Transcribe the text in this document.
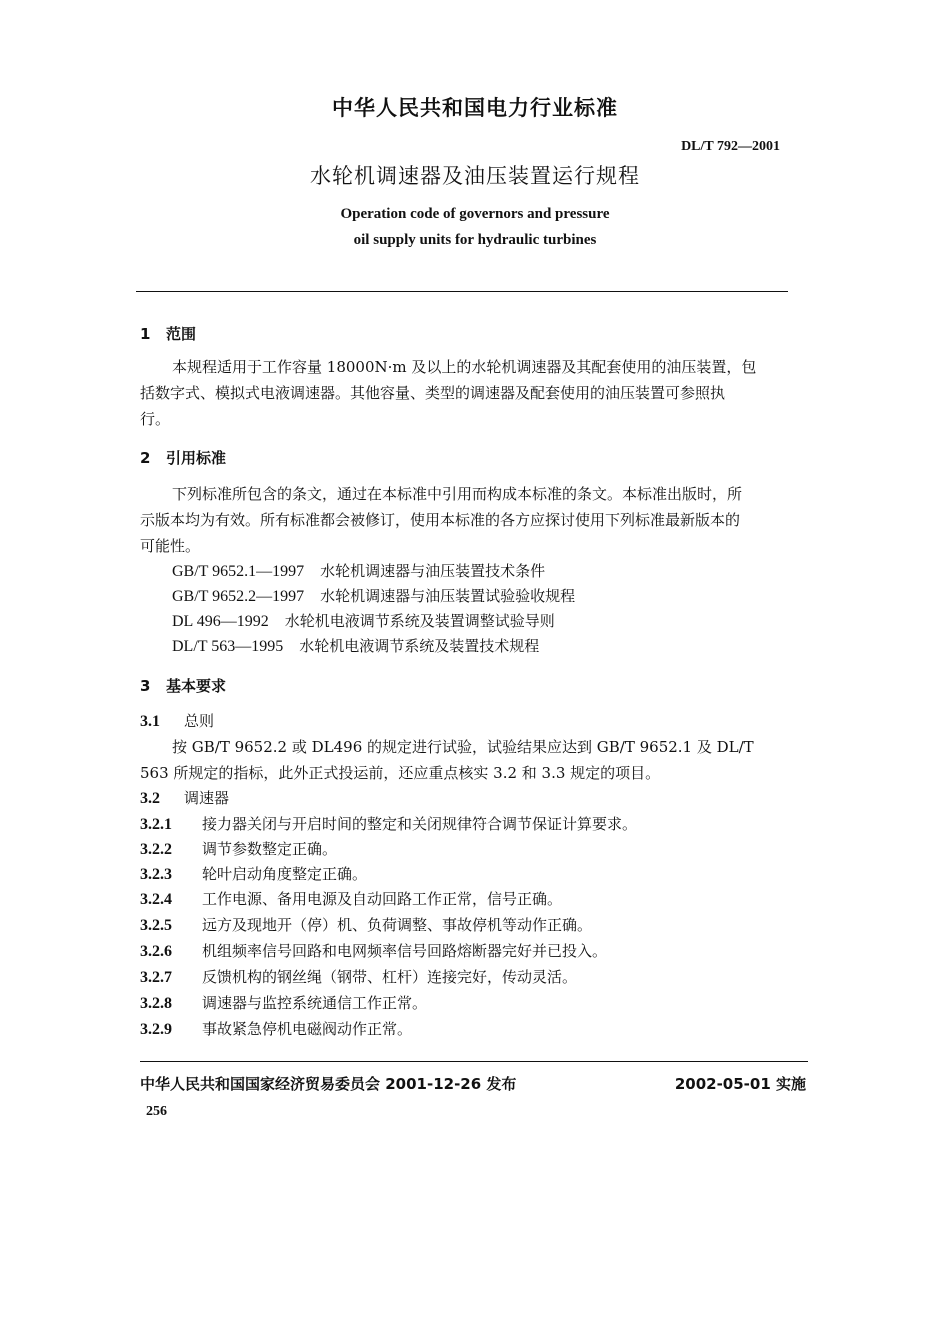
中华人民共和国电力行业标准
DL/T 792—2001
水轮机调速器及油压装置运行规程
Operation code of governors and pressure
oil supply units for hydraulic turbines
1 范围
本规程适用于工作容量 18000N·m 及以上的水轮机调速器及其配套使用的油压装置，包
括数字式、模拟式电液调速器。其他容量、类型的调速器及配套使用的油压装置可参照执
行。
2 引用标准
下列标准所包含的条文，通过在本标准中引用而构成本标准的条文。本标准出版时，所
示版本均为有效。所有标准都会被修订，使用本标准的各方应探讨使用下列标准最新版本的
可能性。
GB/T 9652.1—1997 水轮机调速器与油压装置技术条件
GB/T 9652.2—1997 水轮机调速器与油压装置试验验收规程
DL 496—1992 水轮机电液调节系统及装置调整试验导则
DL/T 563—1995 水轮机电液调节系统及装置技术规程
3 基本要求
3.1 总则
按 GB/T 9652.2 或 DL496 的规定进行试验，试验结果应达到 GB/T 9652.1 及 DL/T
563 所规定的指标，此外正式投运前，还应重点核实 3.2 和 3.3 规定的项目。
3.2 调速器
3.2.1 接力器关闭与开启时间的整定和关闭规律符合调节保证计算要求。
3.2.2 调节参数整定正确。
3.2.3 轮叶启动角度整定正确。
3.2.4 工作电源、备用电源及自动回路工作正常，信号正确。
3.2.5 远方及现地开（停）机、负荷调整、事故停机等动作正确。
3.2.6 机组频率信号回路和电网频率信号回路熔断器完好并已投入。
3.2.7 反馈机构的钢丝绳（钢带、杠杆）连接完好，传动灵活。
3.2.8 调速器与监控系统通信工作正常。
3.2.9 事故紧急停机电磁阀动作正常。
中华人民共和国国家经济贸易委员会 2001-12-26 发布	2002-05-01 实施
256
